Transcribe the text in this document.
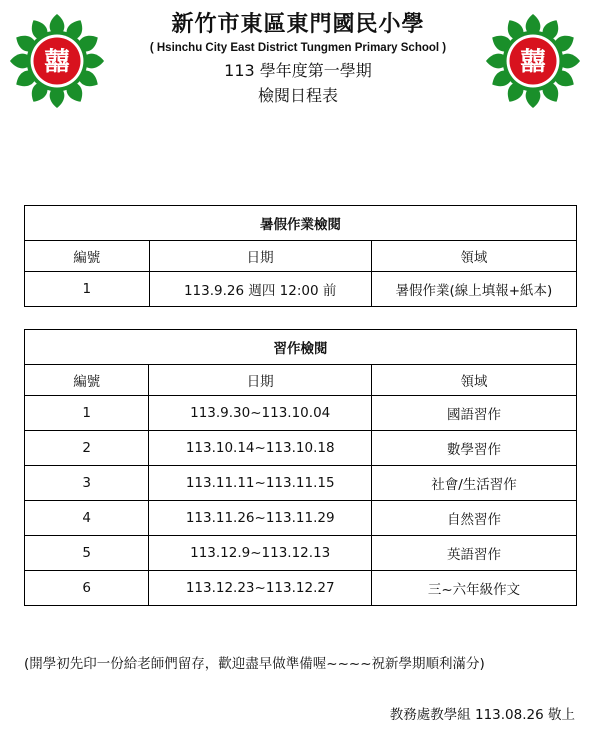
囍	囍
新竹市東區東門國民小學
( Hsinchu City East District Tungmen Primary School )
113 學年度第一學期
檢閱日程表
暑假作業檢閱		
編號	日期	領域
1	113.9.26 週四 12:00 前	暑假作業(線上填報+紙本)
習作檢閱		
編號	日期	領域
1	113.9.30~113.10.04	國語習作
2	113.10.14~113.10.18	數學習作
3	113.11.11~113.11.15	社會/生活習作
4	113.11.26~113.11.29	自然習作
5	113.12.9~113.12.13	英語習作
6	113.12.23~113.12.27	三~六年級作文
(開學初先印一份給老師們留存，歡迎盡早做準備喔~~~~祝新學期順利滿分)
教務處教學組 113.08.26 敬上
